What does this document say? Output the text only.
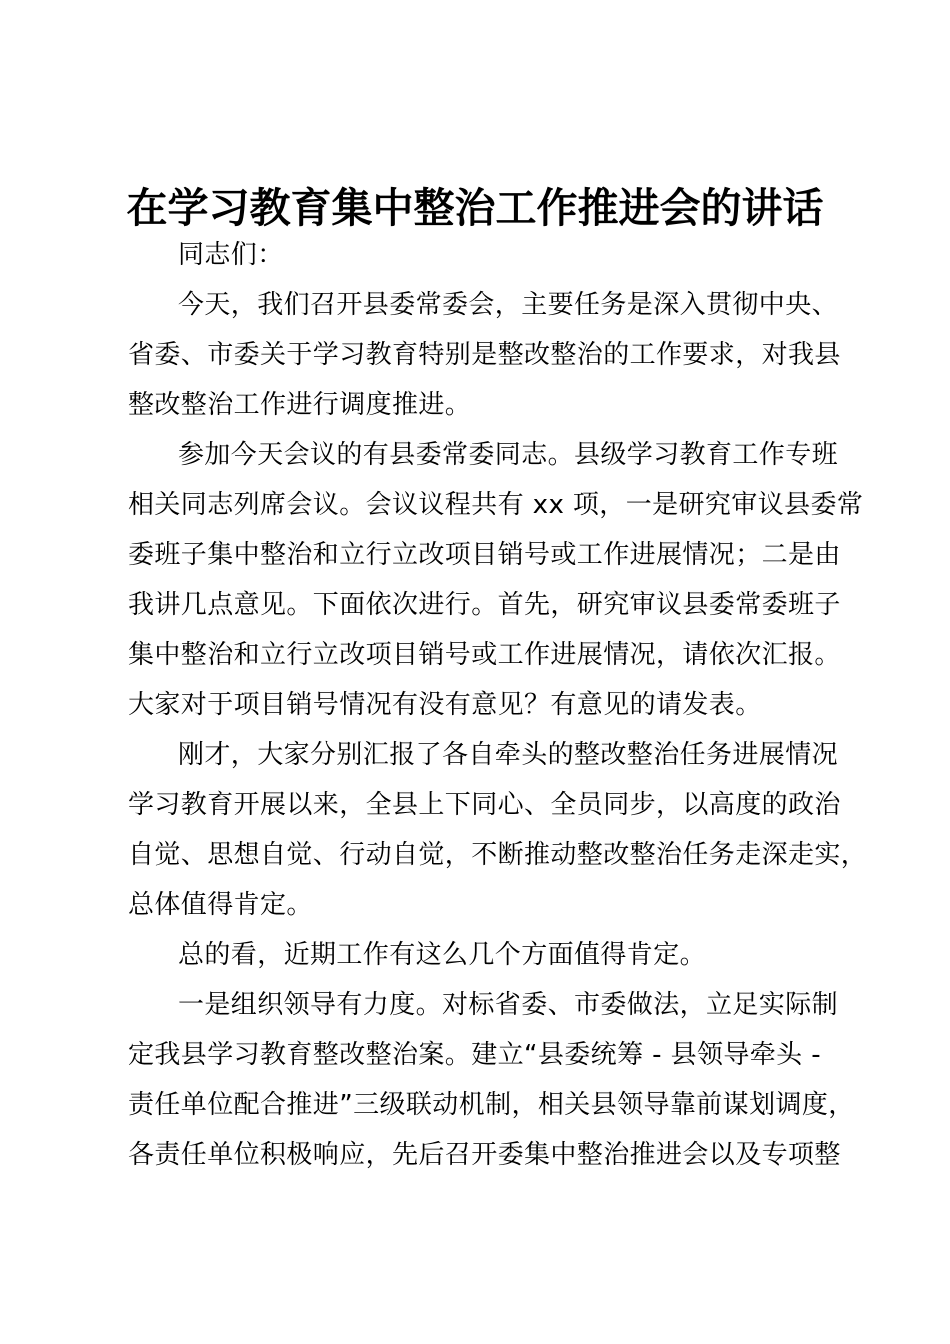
在学习教育集中整治工作推进会的讲话
同志们：
今天，我们召开县委常委会，主要任务是深入贯彻中央、
省委、市委关于学习教育特别是整改整治的工作要求，对我县
整改整治工作进行调度推进。
参加今天会议的有县委常委同志。县级学习教育工作专班
相关同志列席会议。会议议程共有 xx 项，一是研究审议县委常
委班子集中整治和立行立改项目销号或工作进展情况；二是由
我讲几点意见。下面依次进行。首先，研究审议县委常委班子
集中整治和立行立改项目销号或工作进展情况，请依次汇报。
大家对于项目销号情况有没有意见？有意见的请发表。
刚才，大家分别汇报了各自牵头的整改整治任务进展情况
学习教育开展以来，全县上下同心、全员同步，以高度的政治
自觉、思想自觉、行动自觉，不断推动整改整治任务走深走实，
总体值得肯定。
总的看，近期工作有这么几个方面值得肯定。
一是组织领导有力度。对标省委、市委做法，立足实际制
定我县学习教育整改整治案。建立“县委统筹 - 县领导牵头 -
责任单位配合推进”三级联动机制，相关县领导靠前谋划调度，
各责任单位积极响应，先后召开委集中整治推进会以及专项整
